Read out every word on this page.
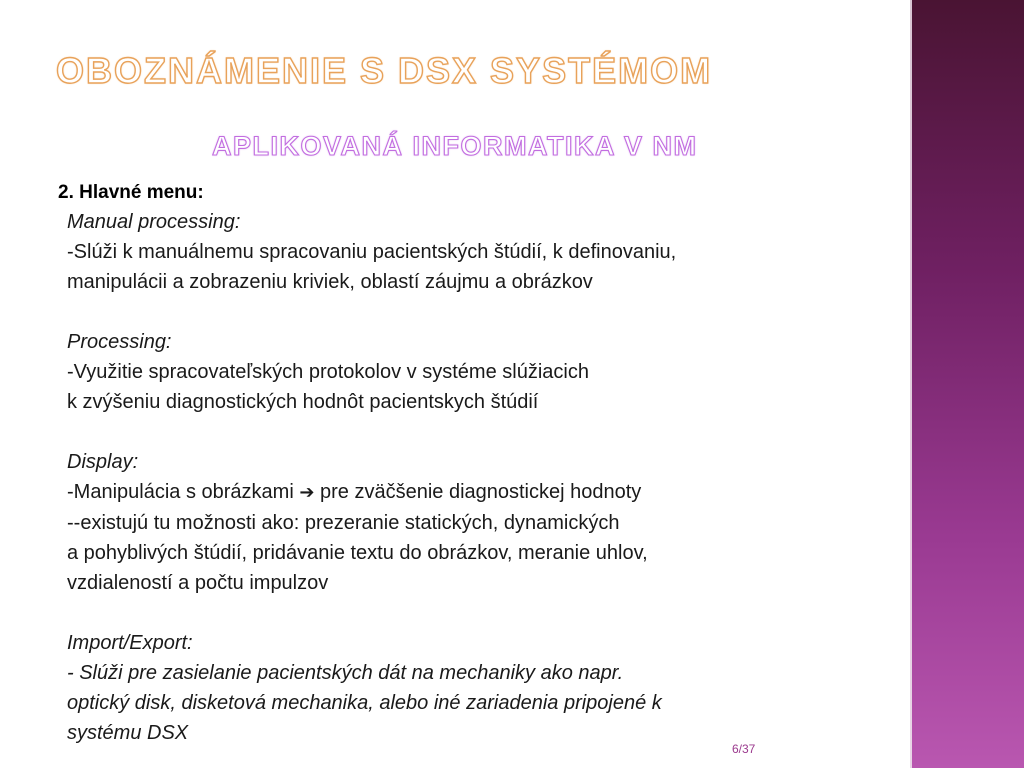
OBOZNÁMENIE S DSX SYSTÉMOM
APLIKOVANÁ INFORMATIKA V NM
2. Hlavné menu:

Manual processing:

-Slúži k manuálnemu spracovaniu pacientských štúdií, k definovaniu,

manipulácii a zobrazeniu kriviek, oblastí záujmu a obrázkov

Processing:

-Využitie spracovateľských protokolov v systéme slúžiacich

k zvýšeniu diagnostických hodnôt pacientskych štúdií

Display:

-Manipulácia s obrázkami ➔ pre zväčšenie diagnostickej hodnoty

--existujú tu možnosti ako: prezeranie statických, dynamických

a pohyblivých štúdií, pridávanie textu do obrázkov, meranie uhlov,

vzdialeností a počtu impulzov

Import/Export:

- Slúži pre zasielanie pacientských dát na mechaniky ako napr.

optický disk, disketová mechanika, alebo iné zariadenia pripojené k

systému DSX

6/37
